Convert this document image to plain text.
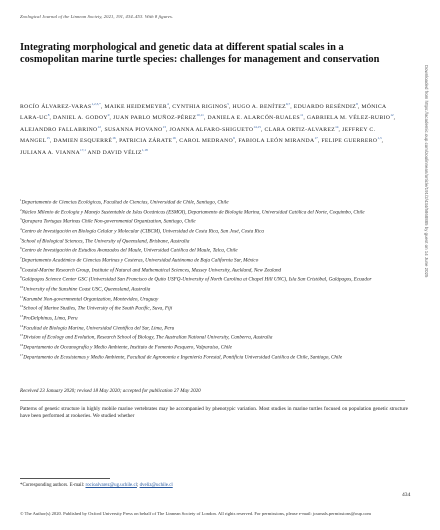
Zoological Journal of the Linnean Society, 2021, 191, 434–453. With 8 figures.
Integrating morphological and genetic data at different spatial scales in a cosmopolitan marine turtle species: challenges for management and conservation
ROCÍO ÁLVAREZ-$VARAS^{1,2,3,*}$, MAIKE HEIDEMEYER$^4$, CYNTHIA RIGINOS$^5$, HUGO A. BENÍTEZ$^{6,7}$, EDUARDO RESÉNDIZ$^8$, MÓNICA LARA-$UC^8$, DANIEL A. GODOY$^9$, JUAN PABLO MUÑOZ-PÉREZ$^{10,11}$, DANIELA E. ALARCÓN-RUALES$^{11}$, GABRIELA M. VÉLEZ-RUBIO$^{12}$, ALEJANDRO FALLABRINO$^{12}$, SUSANNA PIOVANO$^{13}$, JOANNA ALFARO-SHIGUETO$^{14,15}$, CLARA ORTIZ-ALVAREZ$^{14}$, JEFFREY C. MANGEL$^{15}$, DAMIEN ESQUERRÉ$^{16}$, PATRICIA ZÁRATE$^{16}$, CAROL MEDRANO$^6$, FABIOLA LEÓN MIRANDA$^{17}$, FELIPE GUERRERO$^{1,3}$, JULIANA A. VIANNA$^{17,1}$ AND DAVID VÉLIZ$^{1,18}$
$^1$Departamento de Ciencias Ecológicas, Facultad de Ciencias, Universidad de Chile, Santiago, Chile
$^2$Núcleo Milenio de Ecología y Manejo Sustentable de Islas Oceánicas (ESMOI), Departamento de Biología Marina, Universidad Católica del Norte, Coquimbo, Chile
$^3$Qarapara Tortugas Marinas Chile Non-governmental Organization, Santiago, Chile
$^4$Centro de Investigación en Biología Celular y Molecular (CIBCM), Universidad de Costa Rica, San José, Costa Rica
$^5$School of Biological Sciences, The University of Queensland, Brisbane, Australia
$^6$Centro de Investigación de Estudios Avanzados del Maule, Universidad Católica del Maule, Talca, Chile
$^7$Departamento Académico de Ciencias Marinas y Costeras, Universidad Autónoma de Baja California Sur, México
$^8$Coastal-Marine Research Group, Institute of Natural and Mathematical Sciences, Massey University, Auckland, New Zealand
$^9$Galápagos Science Center GSC (Universidad San Francisco de Quito USFQ-University of North Carolina at Chapel Hill UNC), Isla San Cristóbal, Galápagos, Ecuador
$^{10}$University of the Sunshine Coast USC, Queensland, Australia
$^{11}$Karumbé Non-governmental Organization, Montevideo, Uruguay
$^{12}$School of Marine Studies, The University of the South Pacific, Suva, Fiji
$^{13}$ProDelphinus, Lima, Peru
$^{14}$Facultad de Biología Marina, Universidad Científica del Sur, Lima, Peru
$^{15}$Division of Ecology and Evolution, Research School of Biology, The Australian National University, Canberra, Australia
$^{16}$Departamento de Oceanografía y Medio Ambiente, Instituto de Fomento Pesquero, Valparaíso, Chile
$^{17}$Departamento de Ecosistemas y Medio Ambiente, Facultad de Agronomía e Ingeniería Forestal, Pontificia Universidad Católica de Chile, Santiago, Chile
Received 23 January 2020; revised 18 May 2020; accepted for publication 27 May 2020
Patterns of genetic structure in highly mobile marine vertebrates may be accompanied by phenotypic variation. Most studies in marine turtles focused on population genetic structure have been performed at rookeries. We studied whether
*Corresponding authors. E-mail: rocioalvarez@ug.uchile.cl; dveliz@uchile.cl
434
© The Author(s) 2020. Published by Oxford University Press on behalf of The Linnean Society of London. All rights reserved. For permissions, please e-mail: journals.permissions@oup.com
Downloaded from https://academic.oup.com/zoolinnean/article/191/2/434/5868885 by guest on 14 June 2025
